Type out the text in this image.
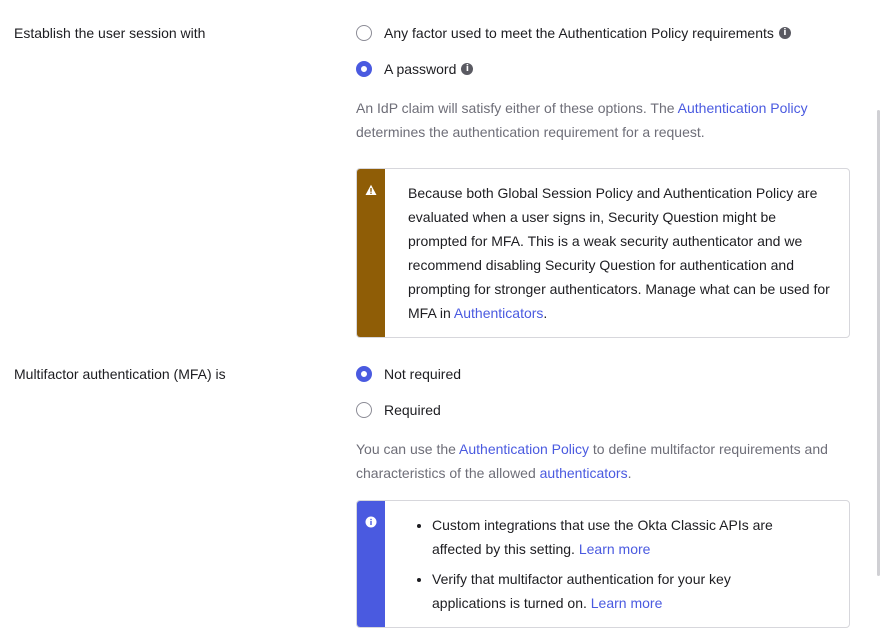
Establish the user session with	Any factor used to meet the Authentication Policy requirements	i
A password	i
An IdP claim will satisfy either of these options. The Authentication Policy determines the authentication requirement for a request.
Because both Global Session Policy and Authentication Policy are evaluated when a user signs in, Security Question might be prompted for MFA. This is a weak security authenticator and we recommend disabling Security Question for authentication and prompting for stronger authenticators. Manage what can be used for MFA in Authenticators.
Multifactor authentication (MFA) is	Not required
Required
You can use the Authentication Policy to define multifactor requirements and characteristics of the allowed authenticators.
• Custom integrations that use the Okta Classic APIs are affected by this setting. Learn more
• Verify that multifactor authentication for your key applications is turned on. Learn more
